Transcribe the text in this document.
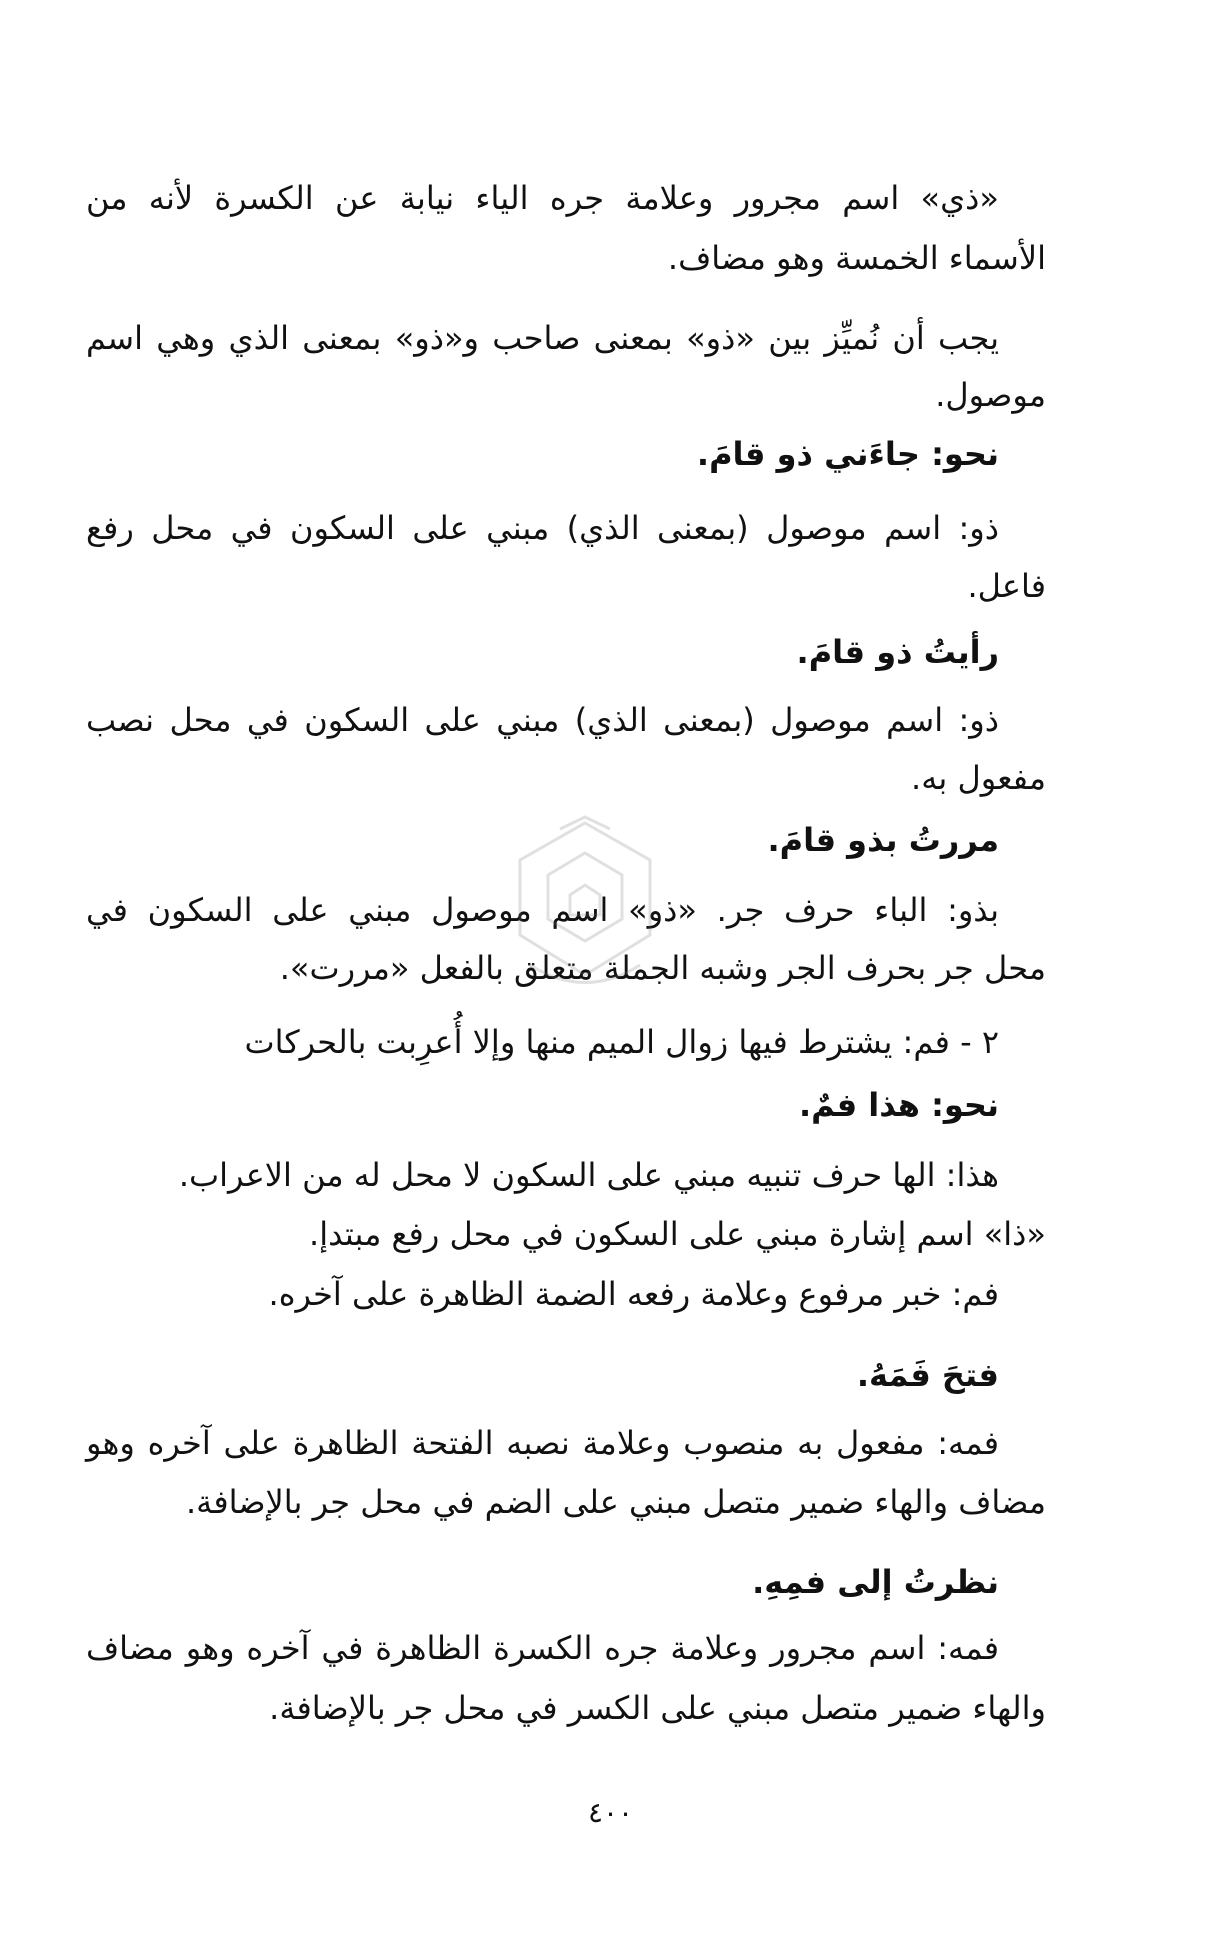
«ذي» اسم مجرور وعلامة جره الياء نيابة عن الكسرة لأنه من
الأسماء الخمسة وهو مضاف.
يجب أن نُميِّز بين «ذو» بمعنى صاحب و«ذو» بمعنى الذي وهي اسم
موصول.
نحو: جاءَني ذو قامَ.
ذو: اسم موصول (بمعنى الذي) مبني على السكون في محل رفع
فاعل.
رأيتُ ذو قامَ.
ذو: اسم موصول (بمعنى الذي) مبني على السكون في محل نصب
مفعول به.
مررتُ بذو قامَ.
بذو: الباء حرف جر. «ذو» اسم موصول مبني على السكون في
محل جر بحرف الجر وشبه الجملة متعلق بالفعل «مررت».
٢ - فم: يشترط فيها زوال الميم منها وإلا أُعرِبت بالحركات
نحو: هذا فمٌ.
هذا: الها حرف تنبيه مبني على السكون لا محل له من الاعراب.
«ذا» اسم إشارة مبني على السكون في محل رفع مبتدإ.
فم: خبر مرفوع وعلامة رفعه الضمة الظاهرة على آخره.
فتحَ فَمَهُ.
فمه: مفعول به منصوب وعلامة نصبه الفتحة الظاهرة على آخره وهو
مضاف والهاء ضمير متصل مبني على الضم في محل جر بالإضافة.
نظرتُ إلى فمِهِ.
فمه: اسم مجرور وعلامة جره الكسرة الظاهرة في آخره وهو مضاف
والهاء ضمير متصل مبني على الكسر في محل جر بالإضافة.
٤٠٠
